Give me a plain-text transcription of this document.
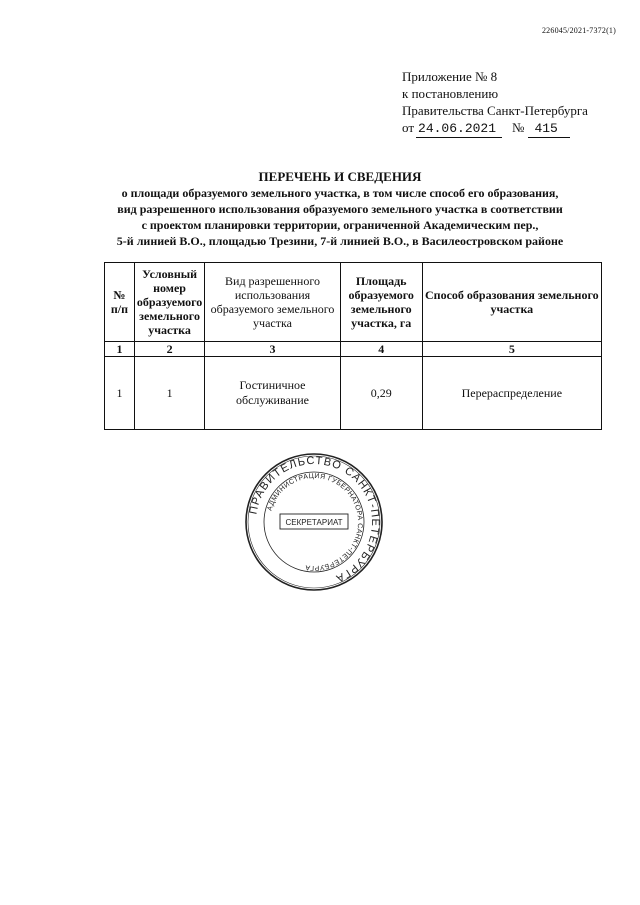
226045/2021-7372(1)
Приложение № 8
к постановлению
Правительства Санкт-Петербурга
от 24.06.2021	№ 415
ПЕРЕЧЕНЬ И СВЕДЕНИЯ
о площади образуемого земельного участка, в том числе способ его образования,
вид разрешенного использования образуемого земельного участка в соответствии
с проектом планировки территории, ограниченной Академическим пер.,
5-й линией В.О., площадью Трезини, 7-й линией В.О., в Василеостровском районе
№ п/п	Условный номер образуемого земельного участка	Вид разрешенного использования образуемого земельного участка	Площадь образуемого земельного участка, га	Способ образования земельного участка
1	2	3	4	5
1	1	Гостиничное обслуживание	0,29	Перераспределение
ПРАВИТЕЛЬСТВО САНКТ-ПЕТЕРБУРГА
АДМИНИСТРАЦИЯ ГУБЕРНАТОРА САНКТ-ПЕТЕРБУРГА
СЕКРЕТАРИАТ
